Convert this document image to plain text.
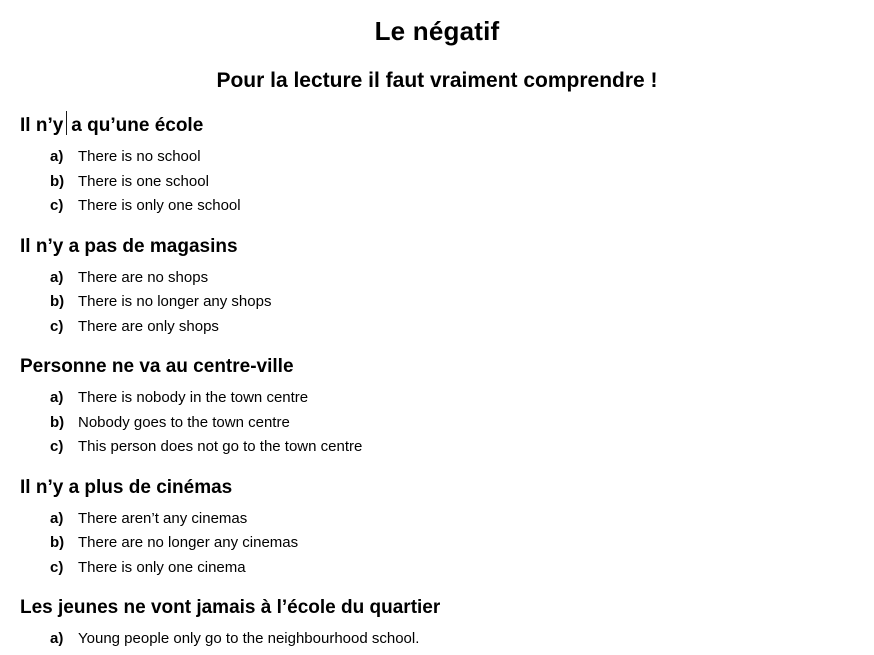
Le négatif
Pour la lecture il faut vraiment comprendre !
Il n’y a qu’une école
a) There is no school
b) There is one school
c) There is only one school
Il n’y a pas de magasins
a) There are no shops
b) There is no longer any shops
c) There are only shops
Personne ne va au centre-ville
a) There is nobody in the town centre
b) Nobody goes to the town centre
c) This person does not go to the town centre
Il n’y a plus de cinémas
a) There aren’t any cinemas
b) There are no longer any cinemas
c) There is only one cinema
Les jeunes ne vont jamais à l’école du quartier
a) Young people only go to the neighbourhood school.
